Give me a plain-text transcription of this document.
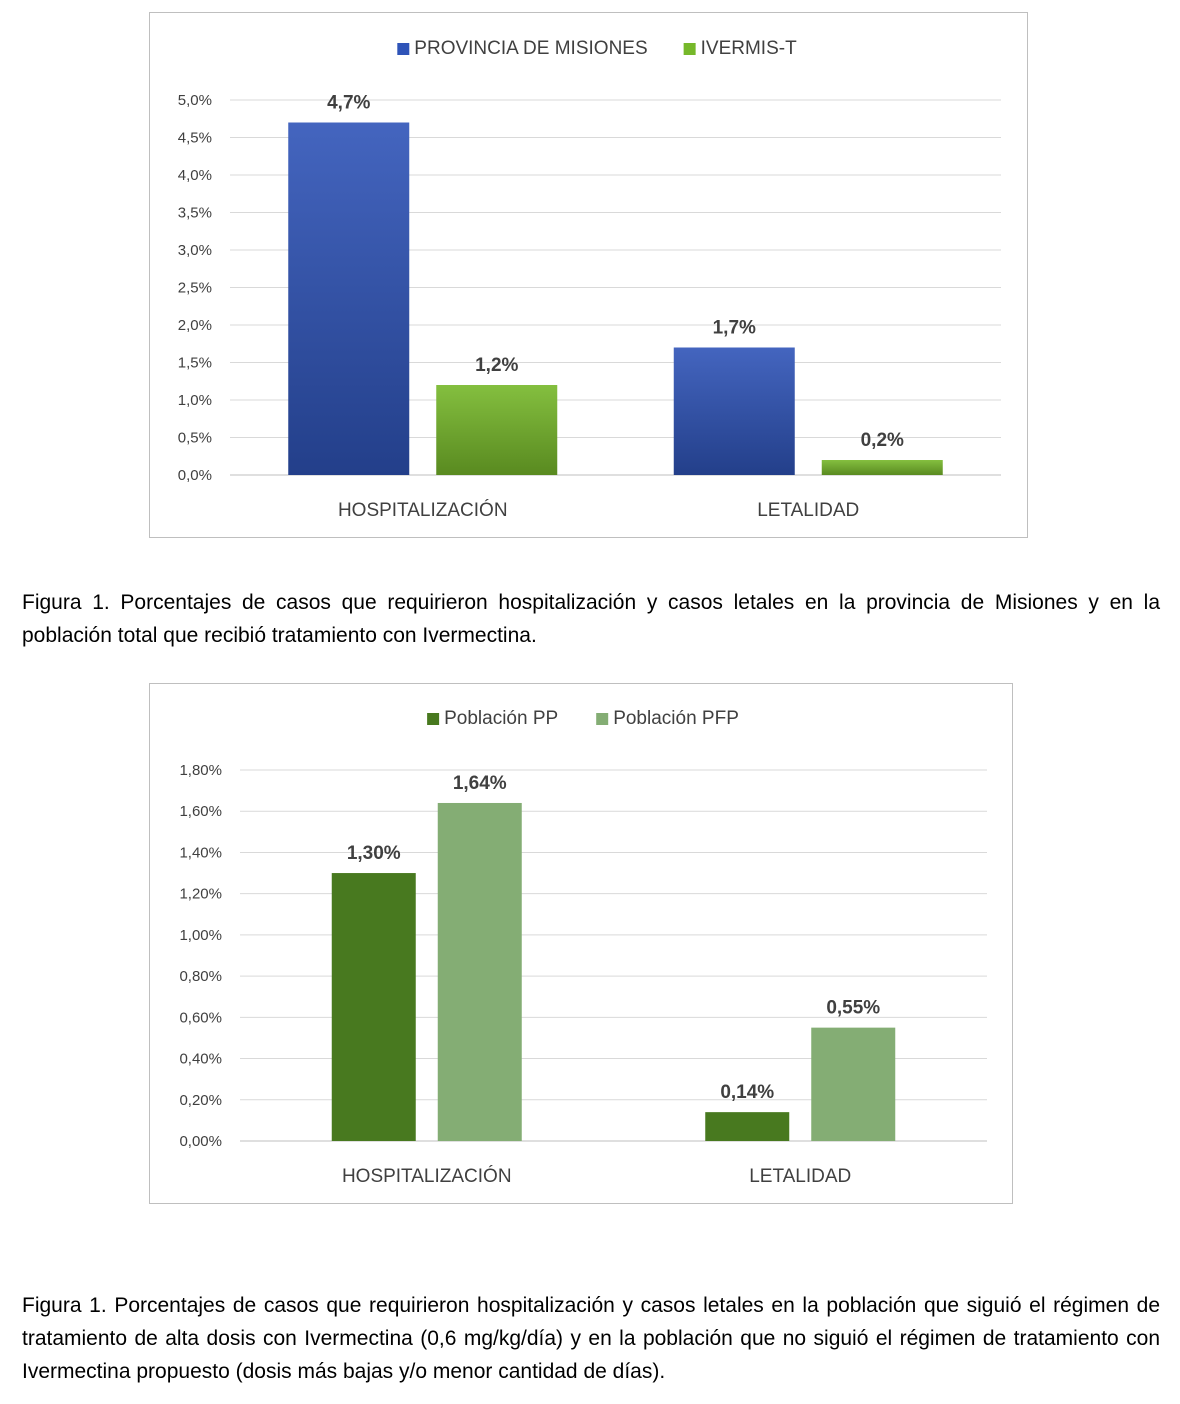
0,0%
0,5%
1,0%
1,5%
2,0%
2,5%
3,0%
3,5%
4,0%
4,5%
5,0%	4,7%
1,2%
HOSPITALIZACIÓN
1,7%
0,2%
LETALIDAD
PROVINCIA DE MISIONES	IVERMIS-T

Figura 1. Porcentajes de casos que requirieron hospitalización y casos letales en la provincia de Misiones y en la población total que recibió tratamiento con Ivermectina.

0,00%
0,20%
0,40%
0,60%
0,80%
1,00%
1,20%
1,40%
1,60%
1,80%
1,30%
1,64%
HOSPITALIZACIÓN
0,14%
0,55%
LETALIDAD
Población PP	Población PFP

Figura 1. Porcentajes de casos que requirieron hospitalización y casos letales en la población que siguió el régimen de tratamiento de alta dosis con Ivermectina (0,6 mg/kg/día) y en la población que no siguió el régimen de tratamiento con Ivermectina propuesto (dosis más bajas y/o menor cantidad de días).
